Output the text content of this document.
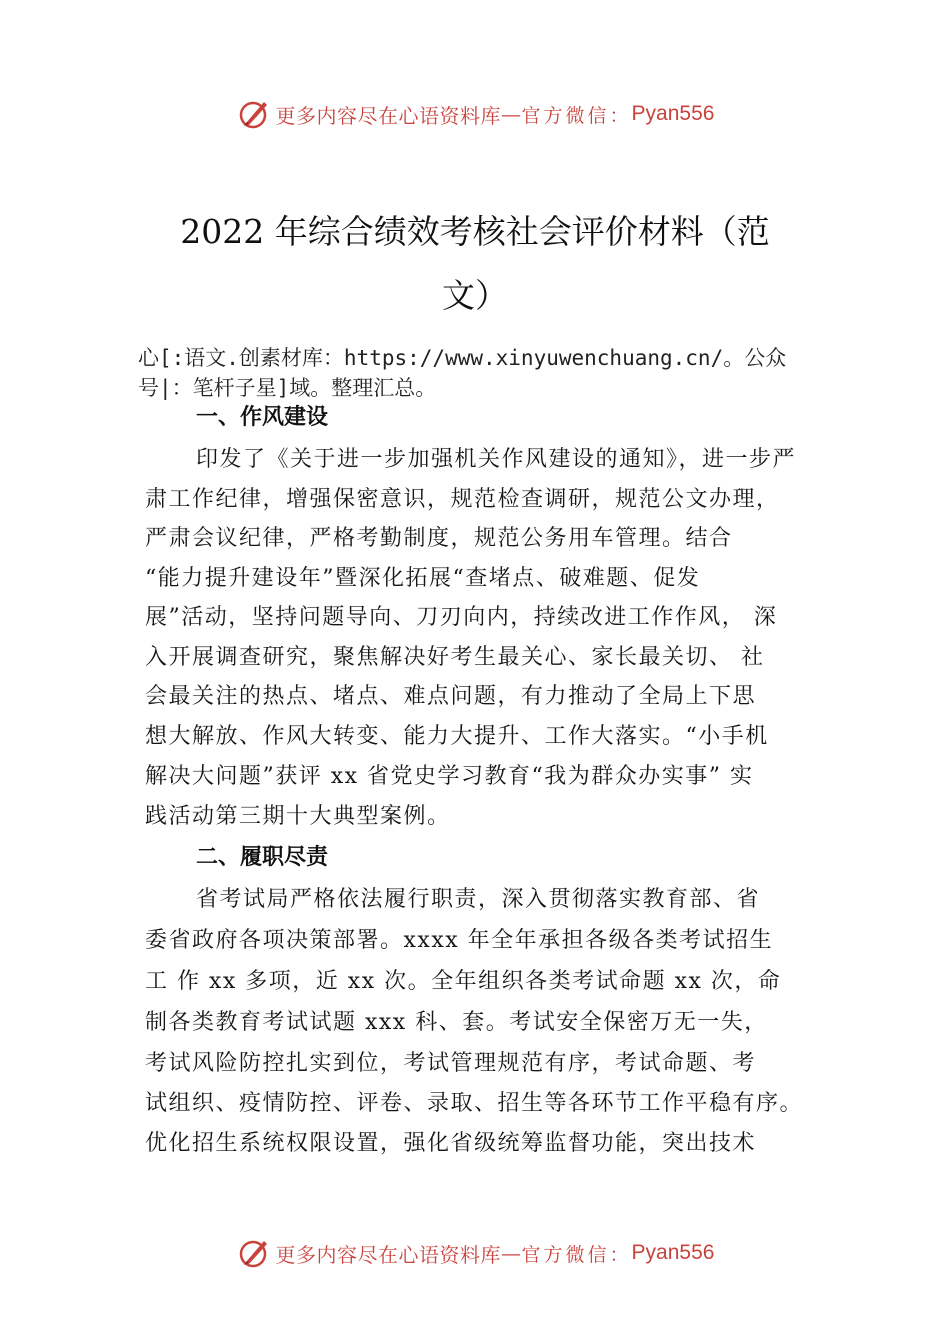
更多内容尽在心语资料库 — 官方微信： Pyan556
2022 年综合绩效考核社会评价材料（范
文）

心[:语文.创素材库：https://www.xinyuwenchuang.cn/。公众

号|：笔杆子星]域。整理汇总。

一、作风建设

印发了《关于进一步加强机关作风建设的通知》，进一步严

肃工作纪律，增强保密意识，规范检查调研，规范公文办理，

严肃会议纪律，严格考勤制度，规范公务用车管理。结合

“能力提升建设年”暨深化拓展“查堵点、破难题、促发

展”活动，坚持问题导向、刀刃向内，持续改进工作作风， 深

入开展调查研究，聚焦解决好考生最关心、家长最关切、 社

会最关注的热点、堵点、难点问题，有力推动了全局上下思

想大解放、作风大转变、能力大提升、工作大落实。“小手机

解决大问题”获评 xx 省党史学习教育“我为群众办实事” 实

践活动第三期十大典型案例。

二、履职尽责

省考试局严格依法履行职责，深入贯彻落实教育部、省

委省政府各项决策部署。xxxx 年全年承担各级各类考试招生

工 作 xx 多项，近 xx 次。全年组织各类考试命题 xx 次，命

制各类教育考试试题 xxx 科、套。考试安全保密万无一失，

考试风险防控扎实到位，考试管理规范有序，考试命题、考

试组织、疫情防控、评卷、录取、招生等各环节工作平稳有序。

优化招生系统权限设置，强化省级统筹监督功能，突出技术

更多内容尽在心语资料库 — 官方微信： Pyan556
